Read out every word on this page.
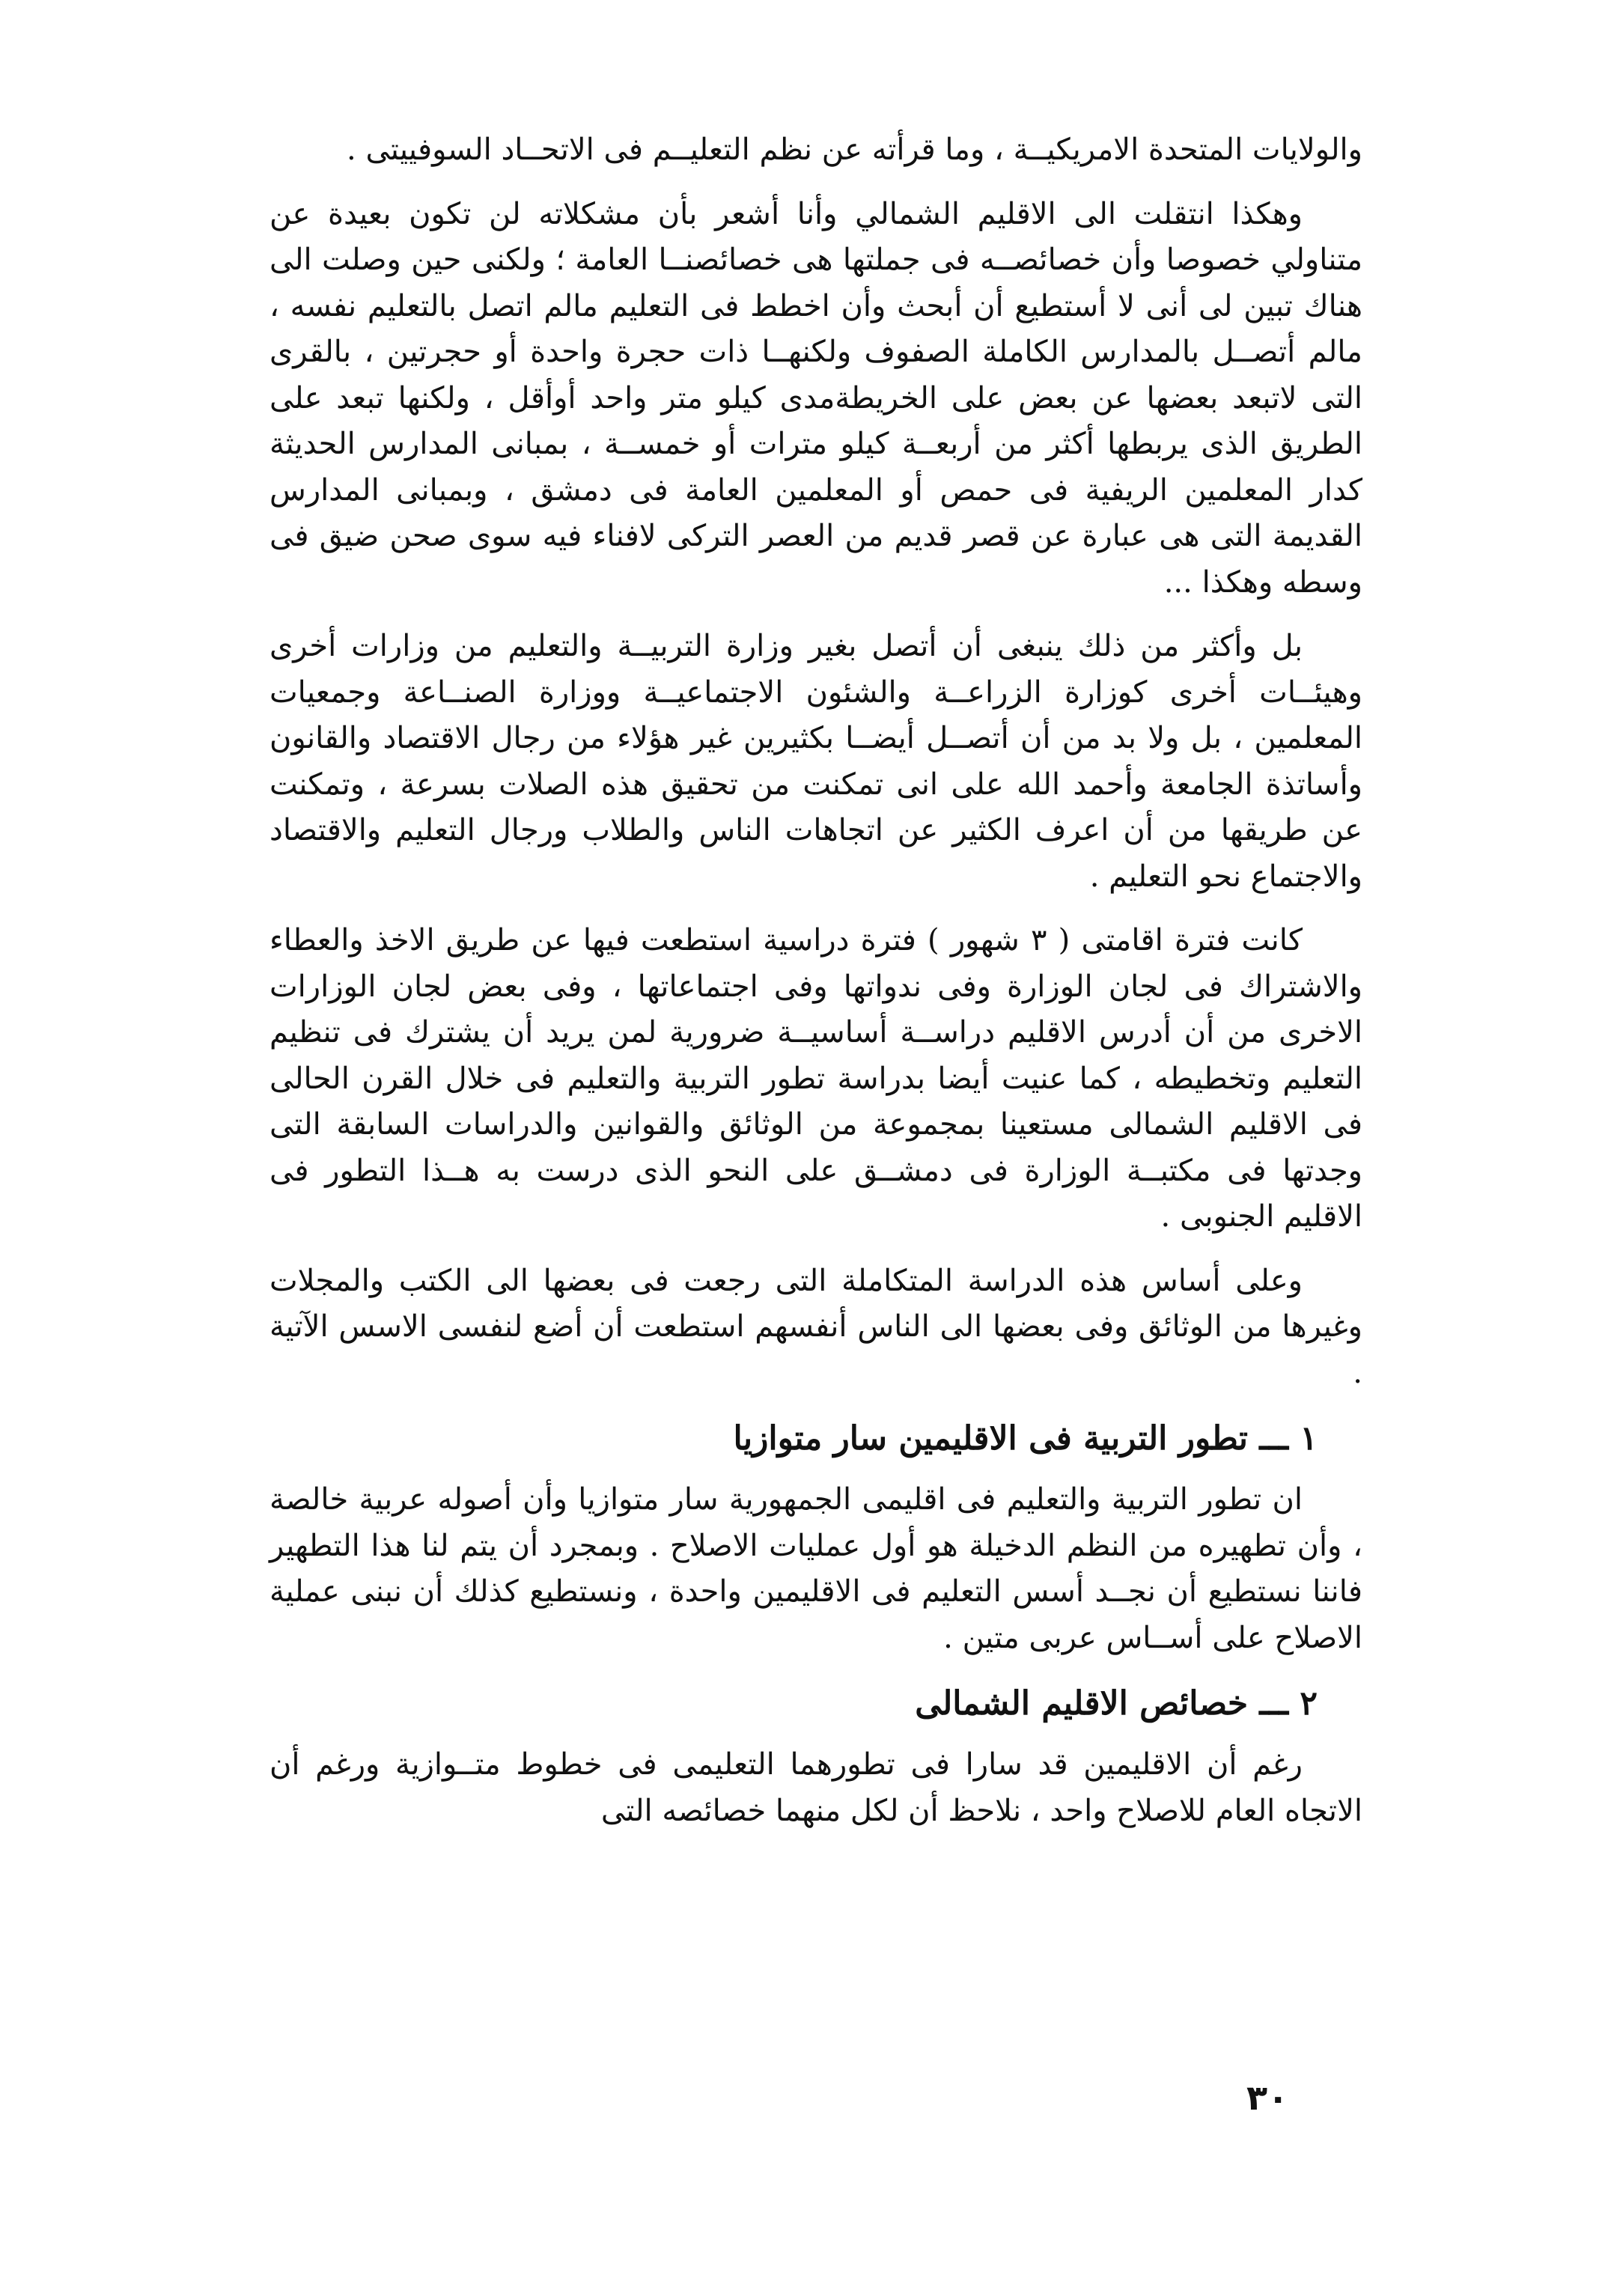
والولايات المتحدة الامريكيــة ، وما قرأته عن نظم التعليــم فى الاتحــاد السوفييتى .

وهكذا انتقلت الى الاقليم الشمالي وأنا أشعر بأن مشكلاته لن تكون بعيدة عن متناولي خصوصا وأن خصائصــه فى جملتها هى خصائصنــا العامة ؛ ولكنى حين وصلت الى هناك تبين لى أنى لا أستطيع أن أبحث وأن اخطط فى التعليم مالم اتصل بالتعليم نفسه ، مالم أتصــل بالمدارس الكاملة الصفوف ولكنهــا ذات حجرة واحدة أو حجرتين ، بالقرى التى لاتبعد بعضها عن بعض على الخريطةمدى كيلو متر واحد أوأقل ، ولكنها تبعد على الطريق الذى يربطها أكثر من أربعــة كيلو مترات أو خمســة ، بمبانى المدارس الحديثة كدار المعلمين الريفية فى حمص أو المعلمين العامة فى دمشق ، وبمبانى المدارس القديمة التى هى عبارة عن قصر قديم من العصر التركى لافناء فيه سوى صحن ضيق فى وسطه وهكذا ...

بل وأكثر من ذلك ينبغى أن أتصل بغير وزارة التربيــة والتعليم من وزارات أخرى وهيئــات أخرى كوزارة الزراعــة والشئون الاجتماعيــة ووزارة الصنــاعة وجمعيات المعلمين ، بل ولا بد من أن أتصــل أيضــا بكثيرين غير هؤلاء من رجال الاقتصاد والقانون وأساتذة الجامعة وأحمد الله على انى تمكنت من تحقيق هذه الصلات بسرعة ، وتمكنت عن طريقها من أن اعرف الكثير عن اتجاهات الناس والطلاب ورجال التعليم والاقتصاد والاجتماع نحو التعليم .

كانت فترة اقامتى ( ٣ شهور ) فترة دراسية استطعت فيها عن طريق الاخذ والعطاء والاشتراك فى لجان الوزارة وفى ندواتها وفى اجتماعاتها ، وفى بعض لجان الوزارات الاخرى من أن أدرس الاقليم دراســة أساسيــة ضرورية لمن يريد أن يشترك فى تنظيم التعليم وتخطيطه ، كما عنيت أيضا بدراسة تطور التربية والتعليم فى خلال القرن الحالى فى الاقليم الشمالى مستعينا بمجموعة من الوثائق والقوانين والدراسات السابقة التى وجدتها فى مكتبــة الوزارة فى دمشــق على النحو الذى درست به هــذا التطور فى الاقليم الجنوبى .

وعلى أساس هذه الدراسة المتكاملة التى رجعت فى بعضها الى الكتب والمجلات وغيرها من الوثائق وفى بعضها الى الناس أنفسهم استطعت أن أضع لنفسى الاسس الآتية .

١ ـــ تطور التربية فى الاقليمين سار متوازيا

ان تطور التربية والتعليم فى اقليمى الجمهورية سار متوازيا وأن أصوله عربية خالصة ، وأن تطهيره من النظم الدخيلة هو أول عمليات الاصلاح . وبمجرد أن يتم لنا هذا التطهير فاننا نستطيع أن نجــد أسس التعليم فى الاقليمين واحدة ، ونستطيع كذلك أن نبنى عملية الاصلاح على أســاس عربى متين .

٢ ـــ خصائص الاقليم الشمالى

رغم أن الاقليمين قد سارا فى تطورهما التعليمى فى خطوط متــوازية ورغم أن الاتجاه العام للاصلاح واحد ، نلاحظ أن لكل منهما خصائصه التى

٣٠
